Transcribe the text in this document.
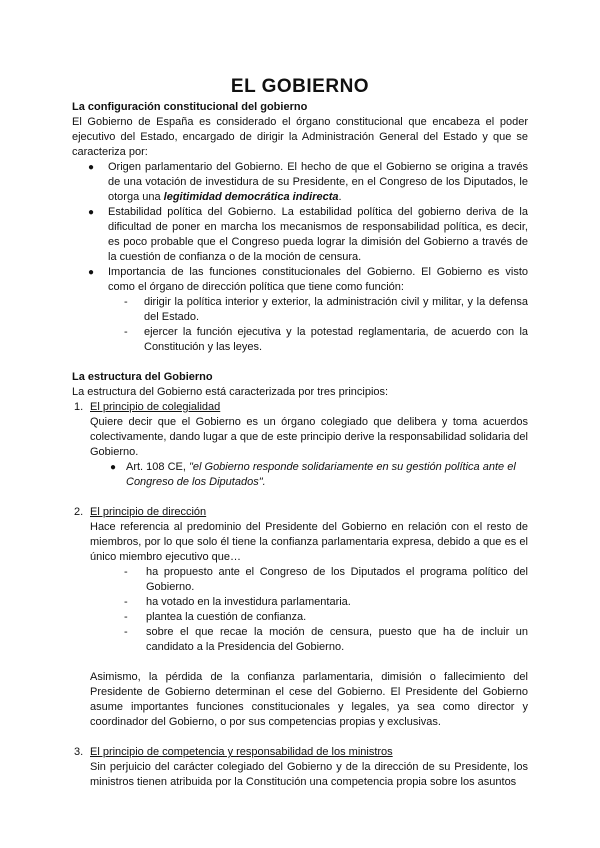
EL GOBIERNO

La configuración constitucional del gobierno

El Gobierno de España es considerado el órgano constitucional que encabeza el poder ejecutivo del Estado, encargado de dirigir la Administración General del Estado y que se caracteriza por:

● Origen parlamentario del Gobierno. El hecho de que el Gobierno se origina a través de una votación de investidura de su Presidente, en el Congreso de los Diputados, le otorga una legitimidad democrática indirecta.
● Estabilidad política del Gobierno. La estabilidad política del gobierno deriva de la dificultad de poner en marcha los mecanismos de responsabilidad política, es decir, es poco probable que el Congreso pueda lograr la dimisión del Gobierno a través de la cuestión de confianza o de la moción de censura.
● Importancia de las funciones constitucionales del Gobierno. El Gobierno es visto como el órgano de dirección política que tiene como función:
- dirigir la política interior y exterior, la administración civil y militar, y la defensa del Estado.
- ejercer la función ejecutiva y la potestad reglamentaria, de acuerdo con la Constitución y las leyes.

La estructura del Gobierno

La estructura del Gobierno está caracterizada por tres principios:

1. El principio de colegialidad

Quiere decir que el Gobierno es un órgano colegiado que delibera y toma acuerdos colectivamente, dando lugar a que de este principio derive la responsabilidad solidaria del Gobierno.

● Art. 108 CE, "el Gobierno responde solidariamente en su gestión política ante el Congreso de los Diputados".
2. El principio de dirección

Hace referencia al predominio del Presidente del Gobierno en relación con el resto de miembros, por lo que solo él tiene la confianza parlamentaria expresa, debido a que es el único miembro ejecutivo que…

- ha propuesto ante el Congreso de los Diputados el programa político del Gobierno.
- ha votado en la investidura parlamentaria.
- plantea la cuestión de confianza.
- sobre el que recae la moción de censura, puesto que ha de incluir un candidato a la Presidencia del Gobierno.

Asimismo, la pérdida de la confianza parlamentaria, dimisión o fallecimiento del Presidente de Gobierno determinan el cese del Gobierno. El Presidente del Gobierno asume importantes funciones constitucionales y legales, ya sea como director y coordinador del Gobierno, o por sus competencias propias y exclusivas.

3. El principio de competencia y responsabilidad de los ministros

Sin perjuicio del carácter colegiado del Gobierno y de la dirección de su Presidente, los ministros tienen atribuida por la Constitución una competencia propia sobre los asuntos
